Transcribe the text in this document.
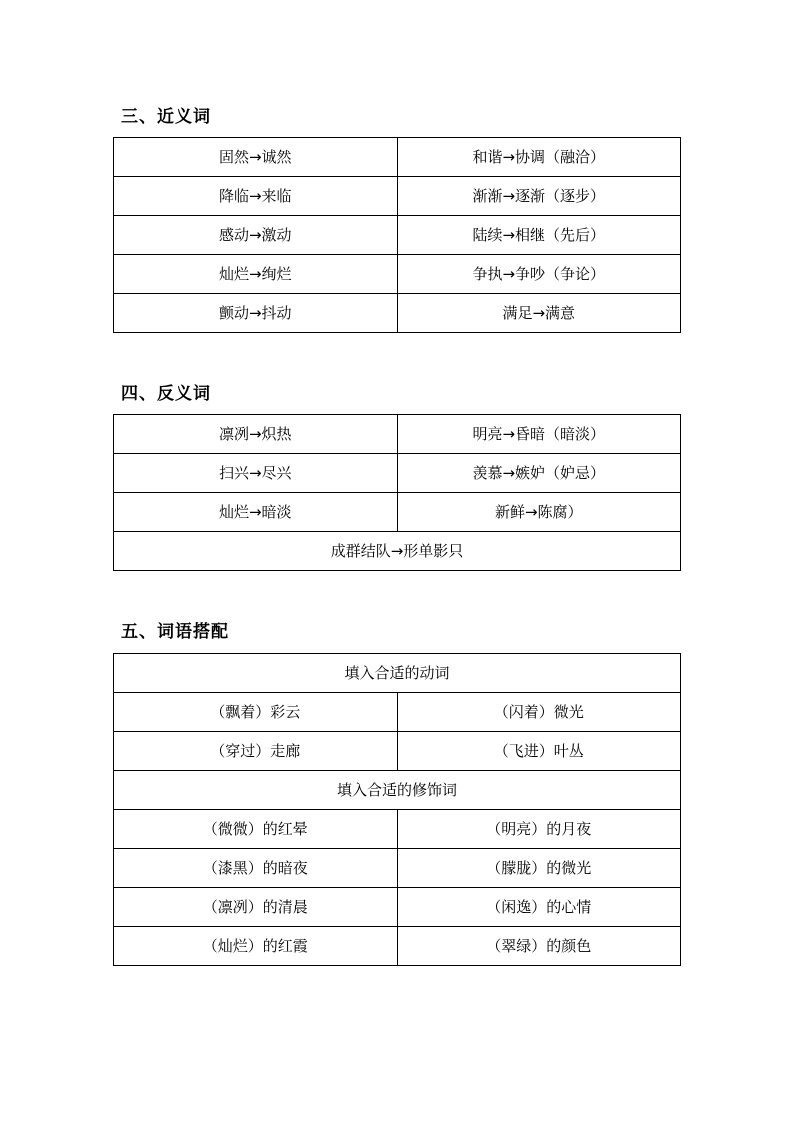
三、近义词
固然→诚然	和谐→协调（融洽）
降临→来临	渐渐→逐渐（逐步）
感动→激动	陆续→相继（先后）
灿烂→绚烂	争执→争吵（争论）
颤动→抖动	满足→满意
四、反义词
凛冽→炽热	明亮→昏暗（暗淡）
扫兴→尽兴	羡慕→嫉妒（妒忌）
灿烂→暗淡	新鲜→陈腐）
成群结队→形单影只	
五、词语搭配
填入合适的动词	
（飘着）彩云	（闪着）微光
（穿过）走廊	（飞进）叶丛
填入合适的修饰词	
（微微）的红晕	（明亮）的月夜
（漆黑）的暗夜	（朦胧）的微光
（凛冽）的清晨	（闲逸）的心情
（灿烂）的红霞	（翠绿）的颜色
